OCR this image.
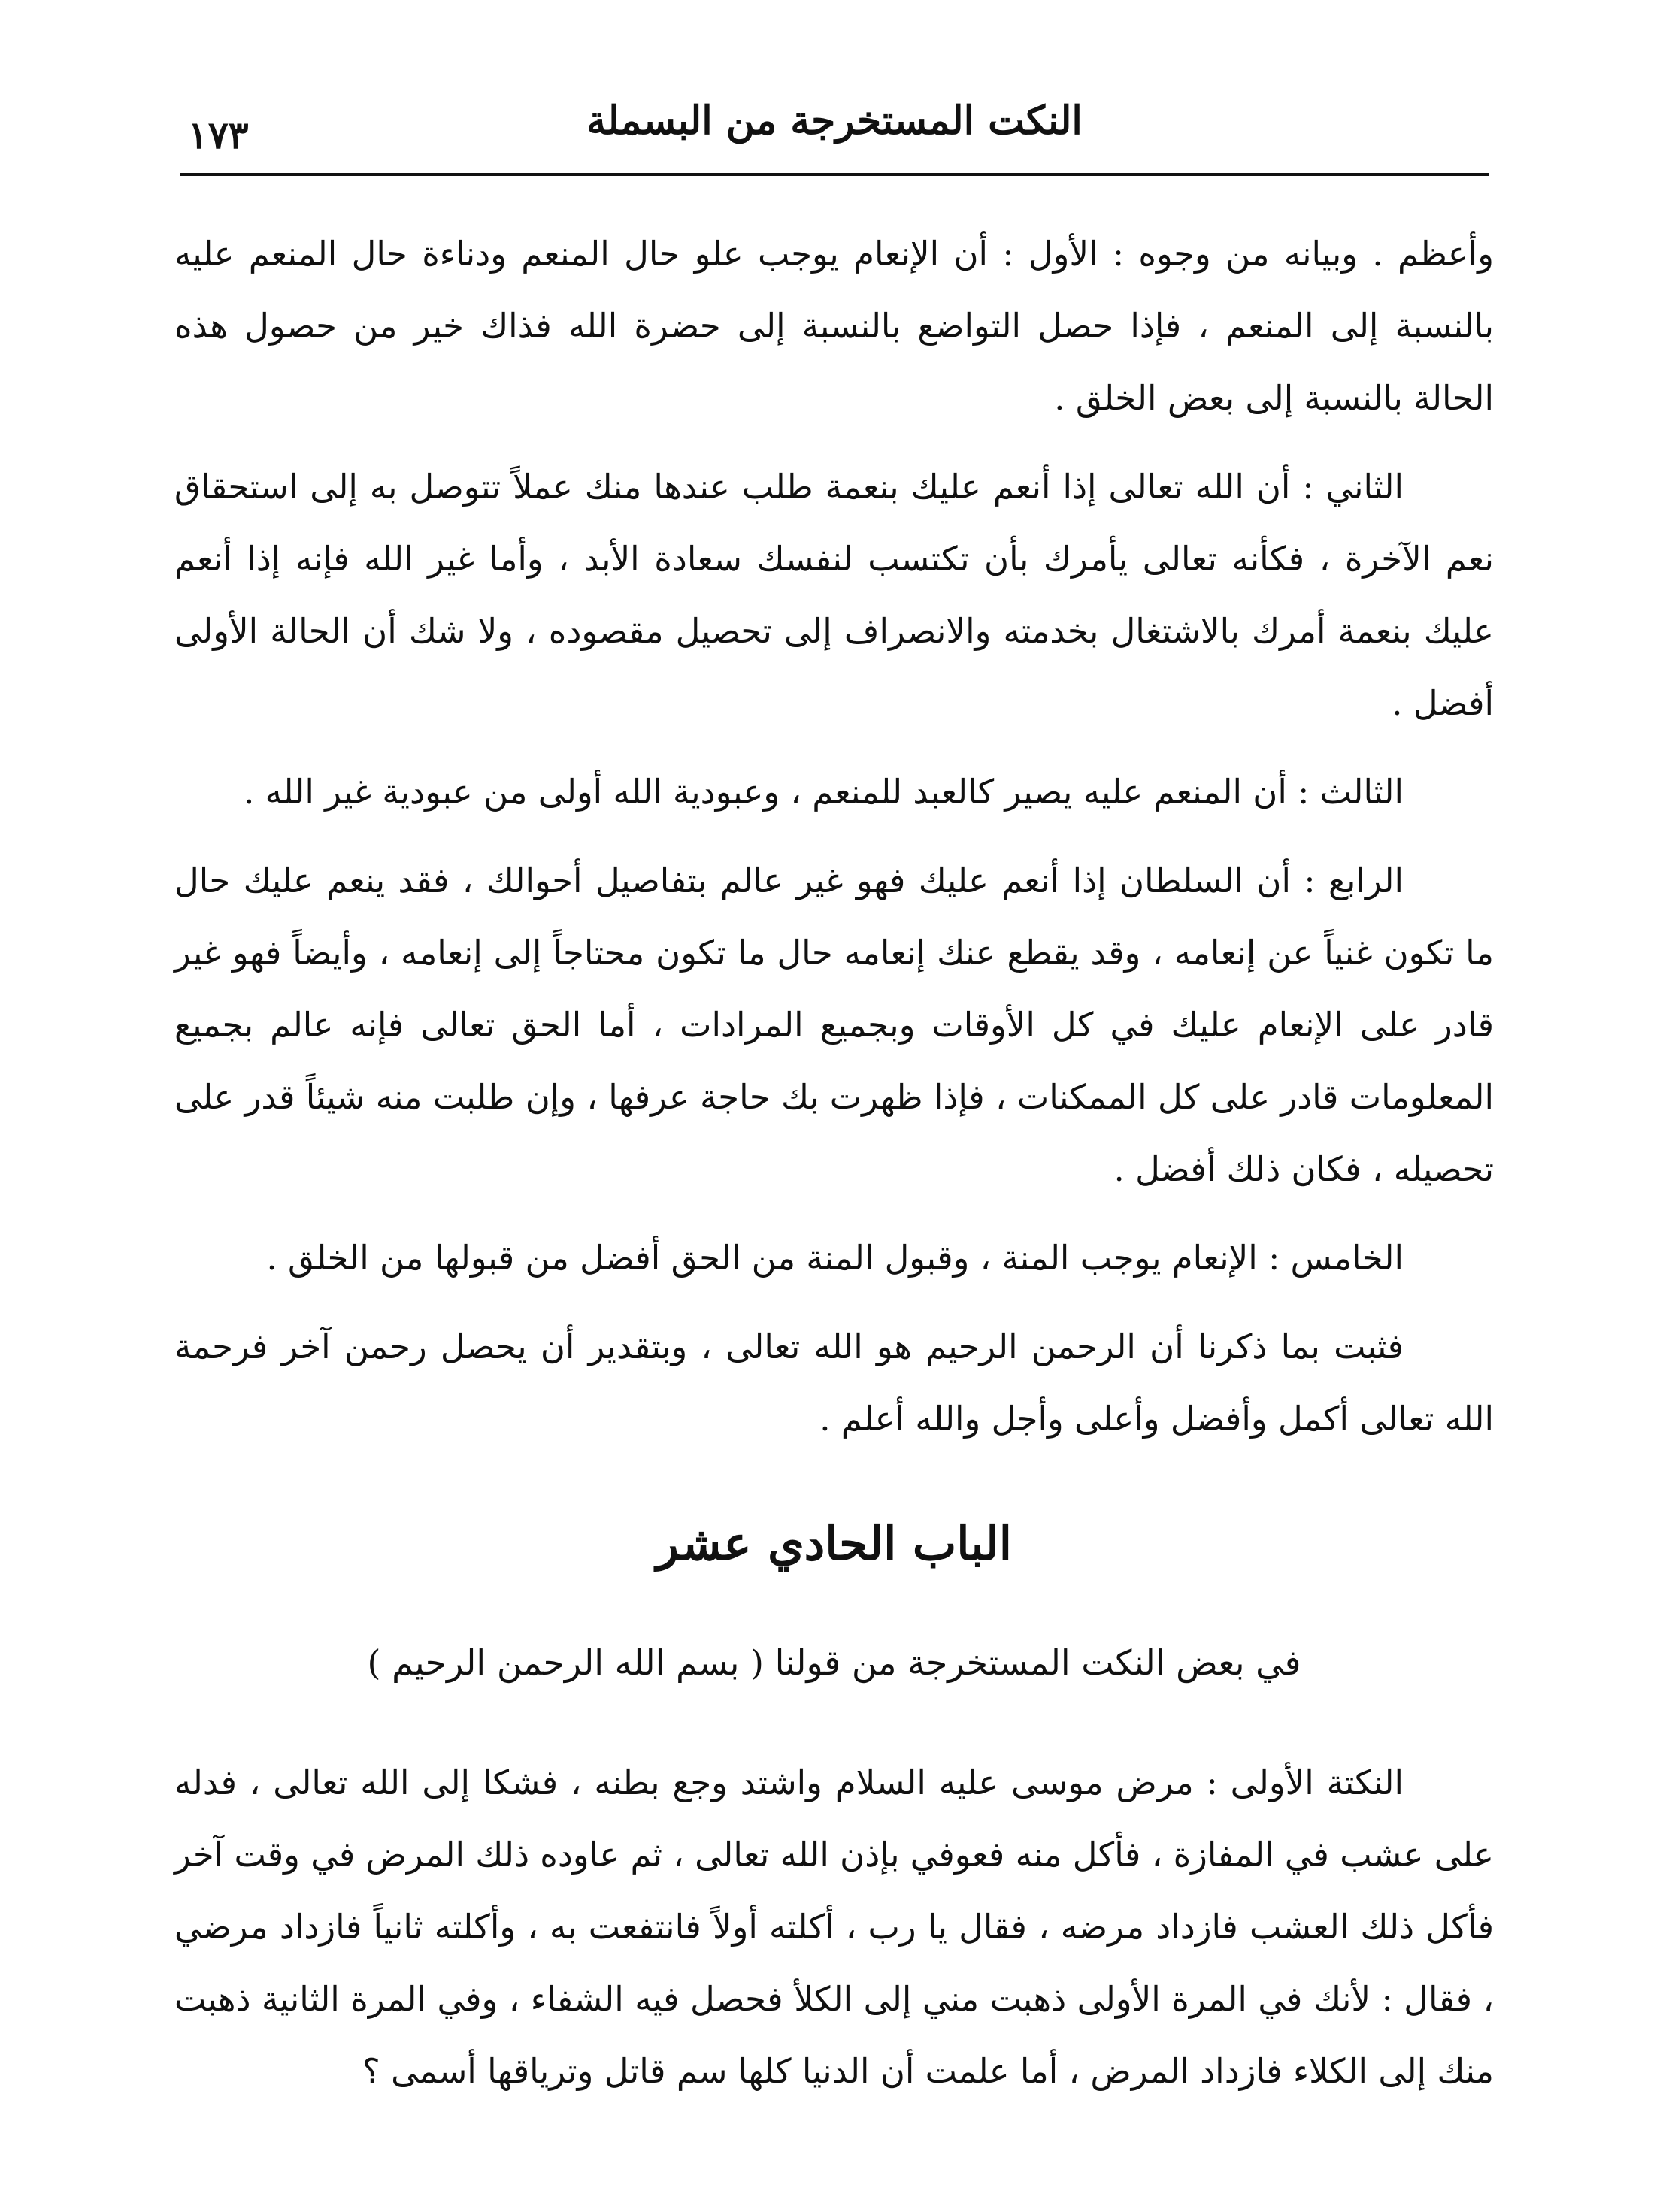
النكت المستخرجة من البسملة
١٧٣

وأعظم . وبيانه من وجوه : الأول : أن الإنعام يوجب علو حال المنعم ودناءة حال المنعم عليه بالنسبة إلى المنعم ، فإذا حصل التواضع بالنسبة إلى حضرة الله فذاك خير من حصول هذه الحالة بالنسبة إلى بعض الخلق .

الثاني : أن الله تعالى إذا أنعم عليك بنعمة طلب عندها منك عملاً تتوصل به إلى استحقاق نعم الآخرة ، فكأنه تعالى يأمرك بأن تكتسب لنفسك سعادة الأبد ، وأما غير الله فإنه إذا أنعم عليك بنعمة أمرك بالاشتغال بخدمته والانصراف إلى تحصيل مقصوده ، ولا شك أن الحالة الأولى أفضل .

الثالث : أن المنعم عليه يصير كالعبد للمنعم ، وعبودية الله أولى من عبودية غير الله .

الرابع : أن السلطان إذا أنعم عليك فهو غير عالم بتفاصيل أحوالك ، فقد ينعم عليك حال ما تكون غنياً عن إنعامه ، وقد يقطع عنك إنعامه حال ما تكون محتاجاً إلى إنعامه ، وأيضاً فهو غير قادر على الإنعام عليك في كل الأوقات وبجميع المرادات ، أما الحق تعالى فإنه عالم بجميع المعلومات قادر على كل الممكنات ، فإذا ظهرت بك حاجة عرفها ، وإن طلبت منه شيئاً قدر على تحصيله ، فكان ذلك أفضل .

الخامس : الإنعام يوجب المنة ، وقبول المنة من الحق أفضل من قبولها من الخلق .

فثبت بما ذكرنا أن الرحمن الرحيم هو الله تعالى ، وبتقدير أن يحصل رحمن آخر فرحمة الله تعالى أكمل وأفضل وأعلى وأجل والله أعلم .

الباب الحادي عشر
في بعض النكت المستخرجة من قولنا ( بسم الله الرحمن الرحيم )

النكتة الأولى : مرض موسى عليه السلام واشتد وجع بطنه ، فشكا إلى الله تعالى ، فدله على عشب في المفازة ، فأكل منه فعوفي بإذن الله تعالى ، ثم عاوده ذلك المرض في وقت آخر فأكل ذلك العشب فازداد مرضه ، فقال يا رب ، أكلته أولاً فانتفعت به ، وأكلته ثانياً فازداد مرضي ، فقال : لأنك في المرة الأولى ذهبت مني إلى الكلأ فحصل فيه الشفاء ، وفي المرة الثانية ذهبت منك إلى الكلاء فازداد المرض ، أما علمت أن الدنيا كلها سم قاتل وترياقها أسمى ؟
